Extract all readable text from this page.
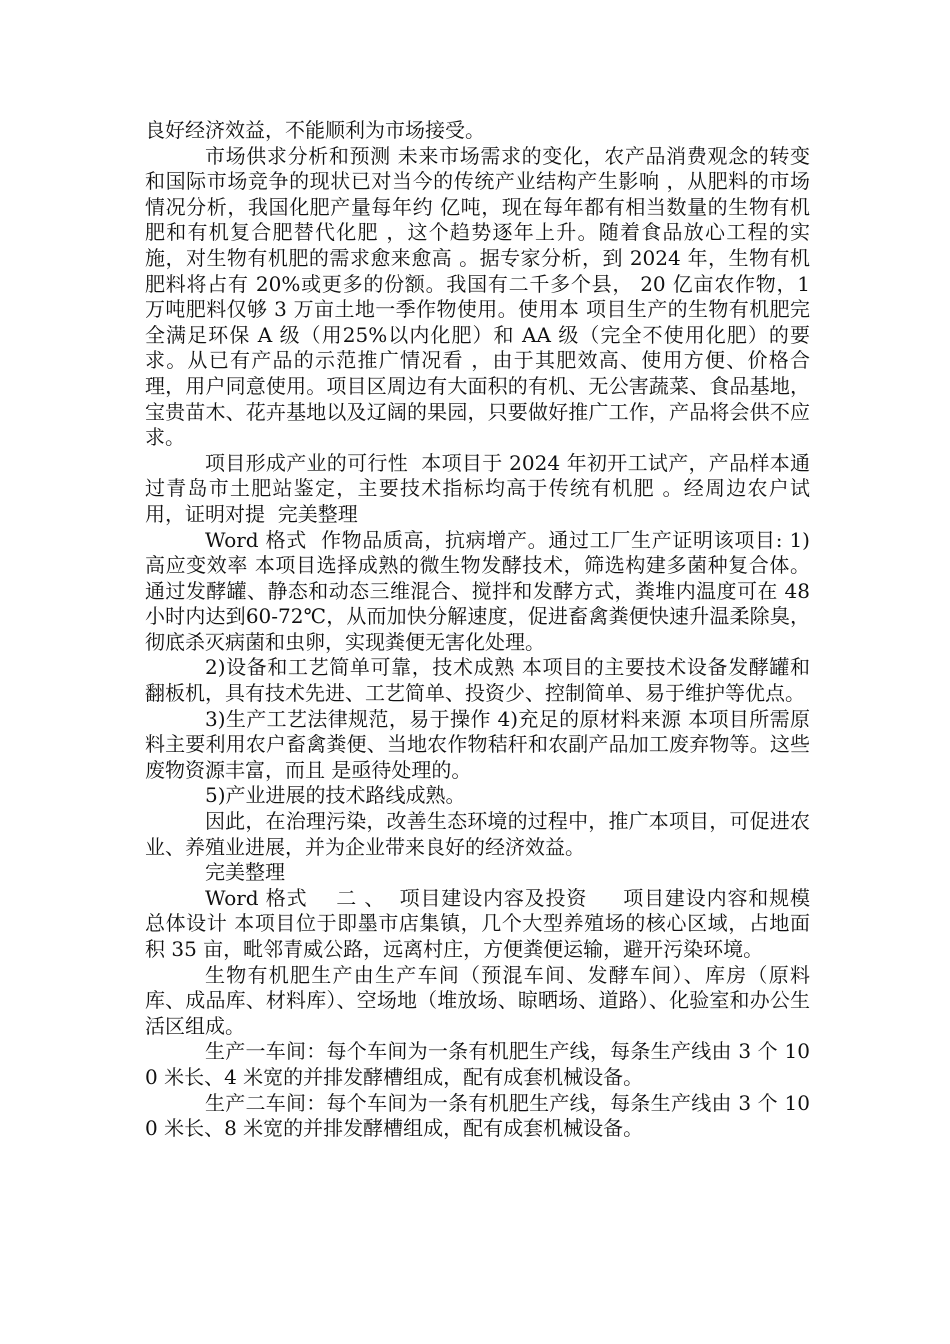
良好经济效益，不能顺利为市场接受。

市场供求分析和预测 未来市场需求的变化，农产品消费观念的转变和国际市场竞争的现状已对当今的传统产业结构产生影响 ，从肥料的市场情况分析，我国化肥产量每年约 亿吨，现在每年都有相当数量的生物有机肥和有机复合肥替代化肥 ，这个趋势逐年上升。随着食品放心工程的实施，对生物有机肥的需求愈来愈高 。据专家分析，到 2024 年，生物有机肥料将占有 20%或更多的份额。我国有二千多个县， 20 亿亩农作物，1 万吨肥料仅够 3 万亩土地一季作物使用。使用本 项目生产的生物有机肥完全满足环保 A 级（用25%以内化肥）和 AA 级（完全不使用化肥）的要求。从已有产品的示范推广情况看 ，由于其肥效高、使用方便、价格合理，用户同意使用。项目区周边有大面积的有机、无公害蔬菜、食品基地，宝贵苗木、花卉基地以及辽阔的果园，只要做好推广工作，产品将会供不应求。

项目形成产业的可行性  本项目于 2024 年初开工试产，产品样本通过青岛市土肥站鉴定，主要技术指标均高于传统有机肥 。经周边农户试用，证明对提  完美整理

Word 格式  作物品质高，抗病增产。通过工厂生产证明该项目: 1)高应变效率 本项目选择成熟的微生物发酵技术，筛选构建多菌种复合体。通过发酵罐、静态和动态三维混合、搅拌和发酵方式，粪堆内温度可在 48 小时内达到60-72℃，从而加快分解速度，促进畜禽粪便快速升温柔除臭，彻底杀灭病菌和虫卵，实现粪便无害化处理。

2)设备和工艺简单可靠，技术成熟 本项目的主要技术设备发酵罐和翻板机，具有技术先进、工艺简单、投资少、控制简单、易于维护等优点。

3)生产工艺法律规范，易于操作 4)充足的原材料来源 本项目所需原料主要利用农户畜禽粪便、当地农作物秸秆和农副产品加工废弃物等。这些废物资源丰富，而且 是亟待处理的。

5)产业进展的技术路线成熟。

因此，在治理污染，改善生态环境的过程中，推广本项目，可促进农业、养殖业进展，并为企业带来良好的经济效益。

完美整理

Word 格式    二 、  项目建设内容及投资     项目建设内容和规模    总体设计 本项目位于即墨市店集镇，几个大型养殖场的核心区域，占地面积 35 亩，毗邻青威公路，远离村庄，方便粪便运输，避开污染环境。

生物有机肥生产由生产车间（预混车间、发酵车间）、库房（原料库、成品库、材料库）、空场地（堆放场、晾晒场、道路）、化验室和办公生活区组成。

生产一车间：每个车间为一条有机肥生产线，每条生产线由 3 个 100 米长、4 米宽的并排发酵槽组成，配有成套机械设备。

生产二车间：每个车间为一条有机肥生产线，每条生产线由 3 个 100 米长、8 米宽的并排发酵槽组成，配有成套机械设备。
